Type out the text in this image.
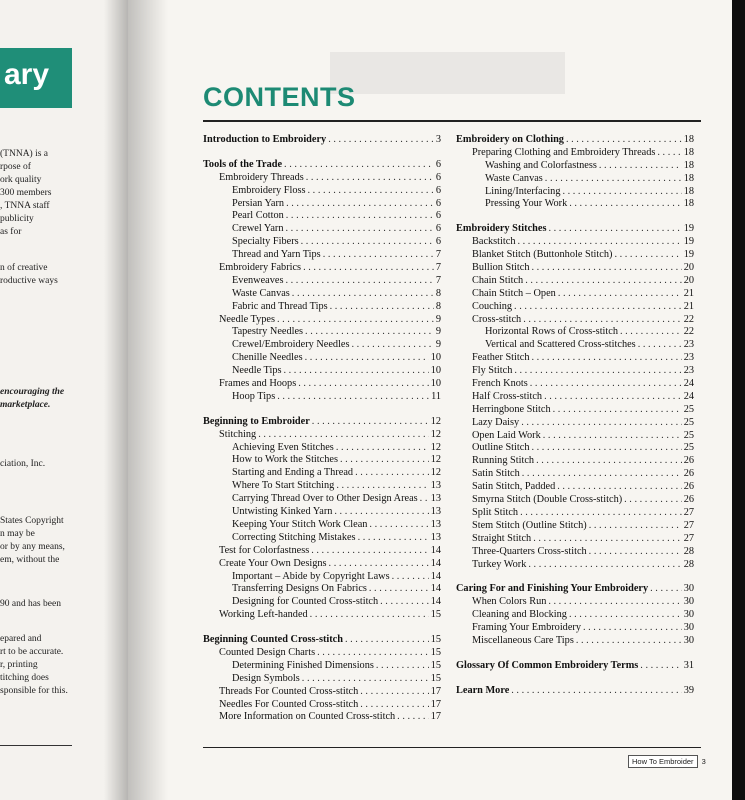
ary
(TNNA) is a
rpose of
ork quality
300 members
, TNNA staff
publicity
as for
n of creative
roductive ways
encouraging the
marketplace.
ciation, Inc.
States Copyright
n may be
or by any means,
em, without the
90 and has been
epared and
rt to be accurate.
r, printing
titching does
sponsible for this.
CONTENTS
Introduction to Embroidery . . .	3
Tools of the Trade . . .	6
Embroidery Threads . . .	6
Embroidery Floss . . .	6
Persian Yarn . . .	6
Pearl Cotton . . .	6
Crewel Yarn . . .	6
Specialty Fibers . . .	6
Thread and Yarn Tips . . .	7
Embroidery Fabrics . . .	7
Evenweaves . . .	7
Waste Canvas . . .	8
Fabric and Thread Tips . . .	8
Needle Types . . .	9
Tapestry Needles . . .	9
Crewel/Embroidery Needles . . .	9
Chenille Needles . . .	10
Needle Tips . . .	10
Frames and Hoops . . .	10
Hoop Tips . . .	11
Beginning to Embroider . . .	12
Stitching . . .	12
Achieving Even Stitches . . .	12
How to Work the Stitches . . .	12
Starting and Ending a Thread . . .	12
Where To Start Stitching . . .	13
Carrying Thread Over to Other Design Areas . . . 13
Untwisting Kinked Yarn . . .	13
Keeping Your Stitch Work Clean . . .	13
Correcting Stitching Mistakes . . .	13
Test for Colorfastness . . .	14
Create Your Own Designs . . .	14
Important – Abide by Copyright Laws . . .	14
Transferring Designs On Fabrics . . .	14
Designing for Counted Cross-stitch . . .	14
Working Left-handed . . .	15
Beginning Counted Cross-stitch . . .	15
Counted Design Charts . . .	15
Determining Finished Dimensions . . .	15
Design Symbols . . .	15
Threads For Counted Cross-stitch . . .	17
Needles For Counted Cross-stitch . . .	17
More Information on Counted Cross-stitch . . .	17
Embroidery on Clothing . . .	18
Preparing Clothing and Embroidery Threads . . .	18
Washing and Colorfastness . . .	18
Waste Canvas . . .	18
Lining/Interfacing . . .	18
Pressing Your Work . . .	18
Embroidery Stitches . . .	19
Backstitch . . .	19
Blanket Stitch (Buttonhole Stitch) . . .	19
Bullion Stitch . . .	20
Chain Stitch . . .	20
Chain Stitch – Open . . .	21
Couching . . .	21
Cross-stitch . . .	22
Horizontal Rows of Cross-stitch . . .	22
Vertical and Scattered Cross-stitches . . .	23
Feather Stitch . . .	23
Fly Stitch . . .	23
French Knots . . .	24
Half Cross-stitch . . .	24
Herringbone Stitch . . .	25
Lazy Daisy . . .	25
Open Laid Work . . .	25
Outline Stitch . . .	25
Running Stitch . . .	26
Satin Stitch . . .	26
Satin Stitch, Padded . . .	26
Smyrna Stitch (Double Cross-stitch) . . .	26
Split Stitch . . .	27
Stem Stitch (Outline Stitch) . . .	27
Straight Stitch . . .	27
Three-Quarters Cross-stitch . . .	28
Turkey Work . . .	28
Caring For and Finishing Your Embroidery . . .	30
When Colors Run . . .	30
Cleaning and Blocking . . .	30
Framing Your Embroidery . . .	30
Miscellaneous Care Tips . . .	30
Glossary Of Common Embroidery Terms . . .	31
Learn More . . .	39
How To Embroider	3
